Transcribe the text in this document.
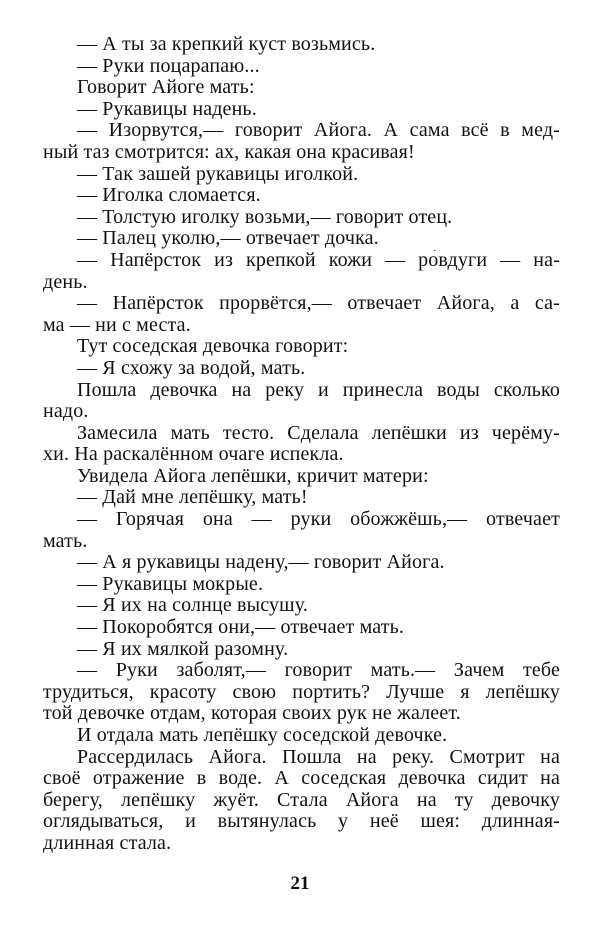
— А ты за крепкий куст возьмись.
— Руки поцарапаю...
Говорит Айоге мать:
— Рукавицы надень.
— Изорвутся,— говорит Айога. А сама всё в мед-
ный таз смотрится: ах, какая она красивая!
— Так зашей рукавицы иголкой.
— Иголка сломается.
— Толстую иголку возьми,— говорит отец.
— Палец уколю,— отвечает дочка.
— Напёрсток из крепкой кожи — ро́вдуги — на-
день.
— Напёрсток прорвётся,— отвечает Айога, а са-
ма — ни с места.
Тут соседская девочка говорит:
— Я схожу за водой, мать.
Пошла девочка на реку и принесла воды сколько
надо.
Замесила мать тесто. Сделала лепёшки из черёму-
хи. На раскалённом очаге испекла.
Увидела Айога лепёшки, кричит матери:
— Дай мне лепёшку, мать!
— Горячая она — руки обожжёшь,— отвечает
мать.
— А я рукавицы надену,— говорит Айога.
— Рукавицы мокрые.
— Я их на солнце высушу.
— Покоробятся они,— отвечает мать.
— Я их мялкой разомну.
— Руки заболят,— говорит мать.— Зачем тебе
трудиться, красоту свою портить? Лучше я лепёшку
той девочке отдам, которая своих рук не жалеет.
И отдала мать лепёшку соседской девочке.
Рассердилась Айога. Пошла на реку. Смотрит на
своё отражение в воде. А соседская девочка сидит на
берегу, лепёшку жуёт. Стала Айога на ту девочку
оглядываться, и вытянулась у неё шея: длинная-
длинная стала.
21
